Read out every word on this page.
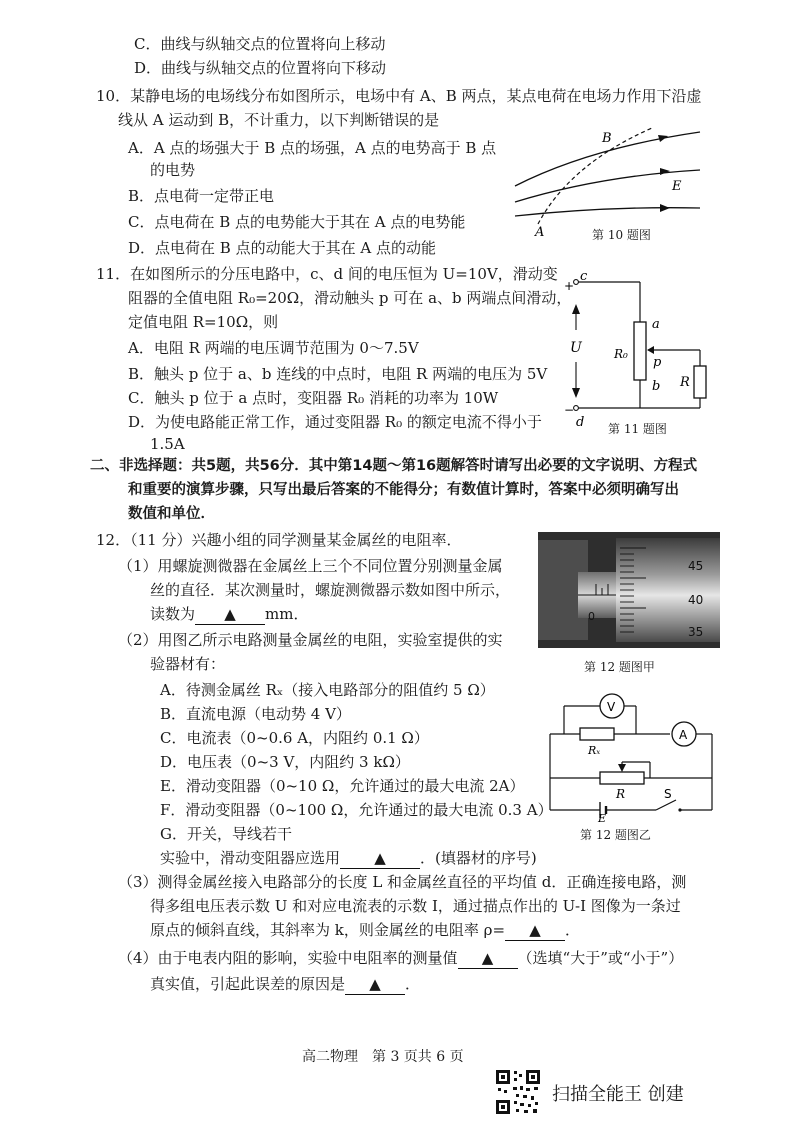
C．曲线与纵轴交点的位置将向上移动
D．曲线与纵轴交点的位置将向下移动
10．某静电场的电场线分布如图所示，电场中有 A、B 两点，某点电荷在电场力作用下沿虚
线从 A 运动到 B，不计重力，以下判断错误的是
A．A 点的场强大于 B 点的场强，A 点的电势高于 B 点
的电势
B．点电荷一定带正电
C．点电荷在 B 点的电势能大于其在 A 点的电势能
D．点电荷在 B 点的动能大于其在 A 点的动能
B
E
A	第 10 题图
11．在如图所示的分压电路中，c、d 间的电压恒为 U=10V，滑动变
阻器的全值电阻 R₀=20Ω，滑动触头 p 可在 a、b 两端点间滑动，
定值电阻 R=10Ω，则
A．电阻 R 两端的电压调节范围为 0～7.5V
B．触头 p 位于 a、b 连线的中点时，电阻 R 两端的电压为 5V
C．触头 p 位于 a 点时，变阻器 R₀ 消耗的功率为 10W
D．为使电路能正常工作，通过变阻器 R₀ 的额定电流不得小于
1.5A
+
−
c
d
U	R₀
a
b
p
R
第 11 题图
二、非选择题：共5题，共56分．其中第14题～第16题解答时请写出必要的文字说明、方程式
和重要的演算步骤，只写出最后答案的不能得分；有数值计算时，答案中必须明确写出
数值和单位．
12．（11 分）兴趣小组的同学测量某金属丝的电阻率．
（1）用螺旋测微器在金属丝上三个不同位置分别测量金属
丝的直径．某次测量时，螺旋测微器示数如图中所示，
读数为 ▲ mm．
（2）用图乙所示电路测量金属丝的电阻，实验室提供的实
验器材有：
A．待测金属丝 Rₓ（接入电路部分的阻值约 5 Ω）
B．直流电源（电动势 4 V）
C．电流表（0~0.6 A，内阻约 0.1 Ω）
D．电压表（0~3 V，内阻约 3 kΩ）
E．滑动变阻器（0~10 Ω，允许通过的最大电流 2A）
F．滑动变阻器（0~100 Ω，允许通过的最大电流 0.3 A）
G．开关，导线若干
实验中，滑动变阻器应选用 ▲ ．(填器材的序号)
（3）测得金属丝接入电路部分的长度 L 和金属丝直径的平均值 d．正确连接电路，测
得多组电压表示数 U 和对应电流表的示数 I，通过描点作出的 U-I 图像为一条过
原点的倾斜直线，其斜率为 k，则金属丝的电阻率 ρ= ▲ ．
（4）由于电表内阻的影响，实验中电阻率的测量值 ▲ （选填“大于”或“小于”）
真实值，引起此误差的原因是 ▲ ．
45
40
35
0
第 12 题图甲
V
A
Rₓ
R
E
S
第 12 题图乙
高二物理　第 3 页共 6 页
扫描全能王 创建
